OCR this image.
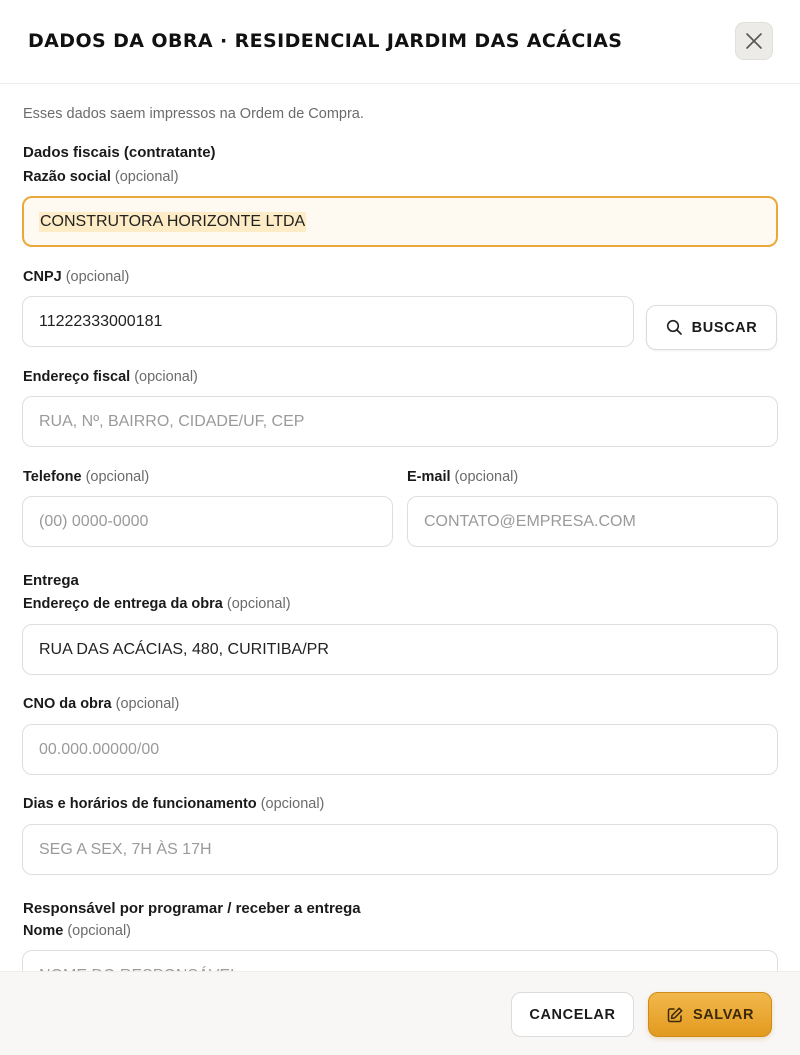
DADOS DA OBRA · RESIDENCIAL JARDIM DAS ACÁCIAS
Esses dados saem impressos na Ordem de Compra.
Dados fiscais (contratante)
Razão social (opcional)
CONSTRUTORA HORIZONTE LTDA
CNPJ (opcional)
11222333000181	BUSCAR
Endereço fiscal (opcional)
RUA, Nº, BAIRRO, CIDADE/UF, CEP
Telefone (opcional)
(00) 0000-0000
E-mail (opcional)
CONTATO@EMPRESA.COM
Entrega
Endereço de entrega da obra (opcional)
RUA DAS ACÁCIAS, 480, CURITIBA/PR
CNO da obra (opcional)
00.000.00000/00
Dias e horários de funcionamento (opcional)
SEG A SEX, 7H ÀS 17H
Responsável por programar / receber a entrega
Nome (opcional)
CANCELAR	SALVAR
